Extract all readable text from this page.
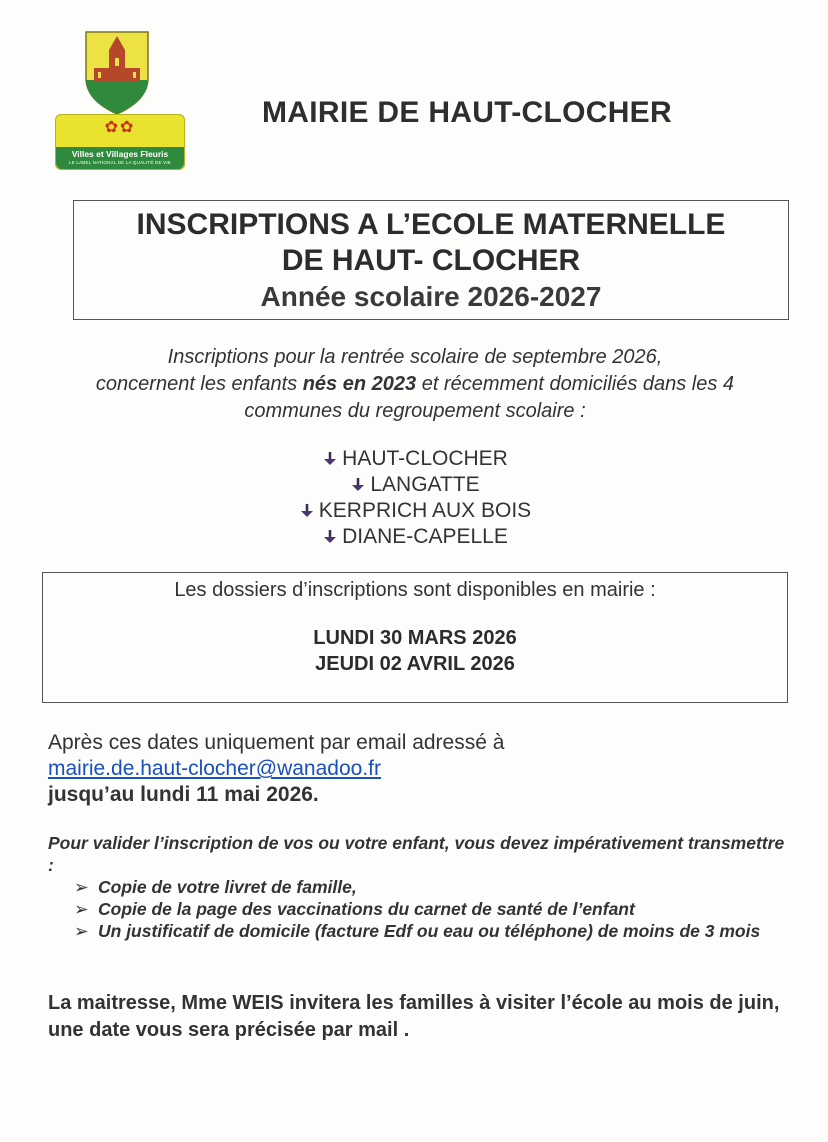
✿✿
Villes et Villages Fleuris
LE LABEL NATIONAL DE LA QUALITÉ DE VIE
MAIRIE DE HAUT-CLOCHER
INSCRIPTIONS A L’ECOLE MATERNELLE
DE HAUT- CLOCHER
Année scolaire 2026-2027
Inscriptions pour la rentrée scolaire de septembre 2026,
concernent les enfants nés en 2023 et récemment domiciliés dans les 4
communes du regroupement scolaire :
HAUT-CLOCHER
LANGATTE
KERPRICH AUX BOIS
DIANE-CAPELLE
Les dossiers d’inscriptions sont disponibles en mairie :
LUNDI 30 MARS 2026
JEUDI 02 AVRIL 2026
Après ces dates uniquement par email adressé à
mairie.de.haut-clocher@wanadoo.fr
jusqu’au lundi 11 mai 2026.
Pour valider l’inscription de vos ou votre enfant, vous devez impérativement transmettre :
➢ Copie de votre livret de famille,
➢ Copie de la page des vaccinations du carnet de santé de l’enfant
➢ Un justificatif de domicile (facture Edf ou eau ou téléphone) de moins de 3 mois
La maitresse, Mme WEIS invitera les familles à visiter l’école au mois de juin, une date vous sera précisée par mail .
